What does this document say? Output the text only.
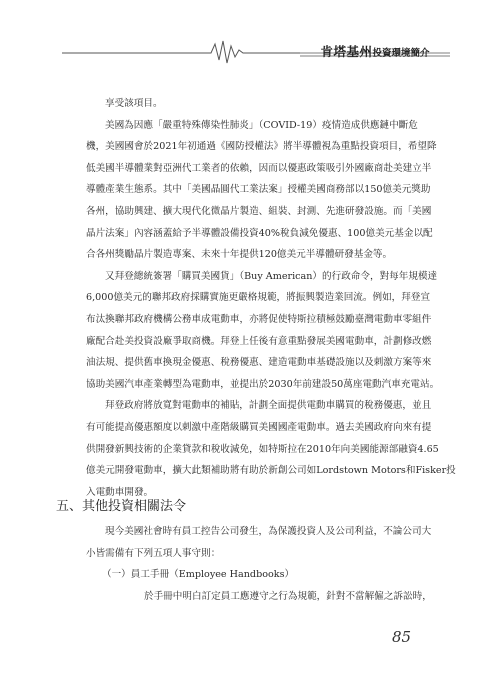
肯塔基州投資環境簡介
享受該項目。
美國為因應「嚴重特殊傳染性肺炎」（COVID-19）疫情造成供應鏈中斷危
機，美國國會於2021年初通過《國防授權法》將半導體視為重點投資項目，希望降
低美國半導體業對亞洲代工業者的依賴，因而以優惠政策吸引外國廠商赴美建立半
導體產業生態系。其中「美國晶圓代工業法案」授權美國商務部以150億美元獎助
各州，協助興建、擴大現代化微晶片製造、組裝、封測、先進研發設施。而「美國
晶片法案」內容涵蓋給予半導體設備投資40%稅負減免優惠、100億美元基金以配
合各州獎勵晶片製造專案、未來十年提供120億美元半導體研發基金等。
又拜登總統簽署「購買美國貨」（Buy American）的行政命令，對每年規模達
6,000億美元的聯邦政府採購實施更嚴格規範，將振興製造業回流。例如，拜登宣
布汰換聯邦政府機構公務車成電動車，亦將促使特斯拉積極鼓勵臺灣電動車零組件
廠配合赴美投資設廠爭取商機。拜登上任後有意重點發展美國電動車，計劃修改燃
油法規、提供舊車換現金優惠、稅務優惠、建造電動車基礎設施以及刺激方案等來
協助美國汽車產業轉型為電動車，並提出於2030年前建設50萬座電動汽車充電站。
拜登政府將放寬對電動車的補貼，計劃全面提供電動車購買的稅務優惠，並且
有可能提高優惠額度以刺激中產階級購買美國國產電動車。過去美國政府向來有提
供開發新興技術的企業貸款和稅收減免，如特斯拉在2010年向美國能源部融資4.65
億美元開發電動車，擴大此類補助將有助於新創公司如Lordstown Motors和Fisker投
入電動車開發。
五、其他投資相關法令
現今美國社會時有員工控告公司發生，為保護投資人及公司利益，不論公司大
小皆需備有下列五項人事守則：
（一）員工手冊（Employee Handbooks）
於手冊中明白訂定員工應遵守之行為規範，針對不當解僱之訴訟時，
85
